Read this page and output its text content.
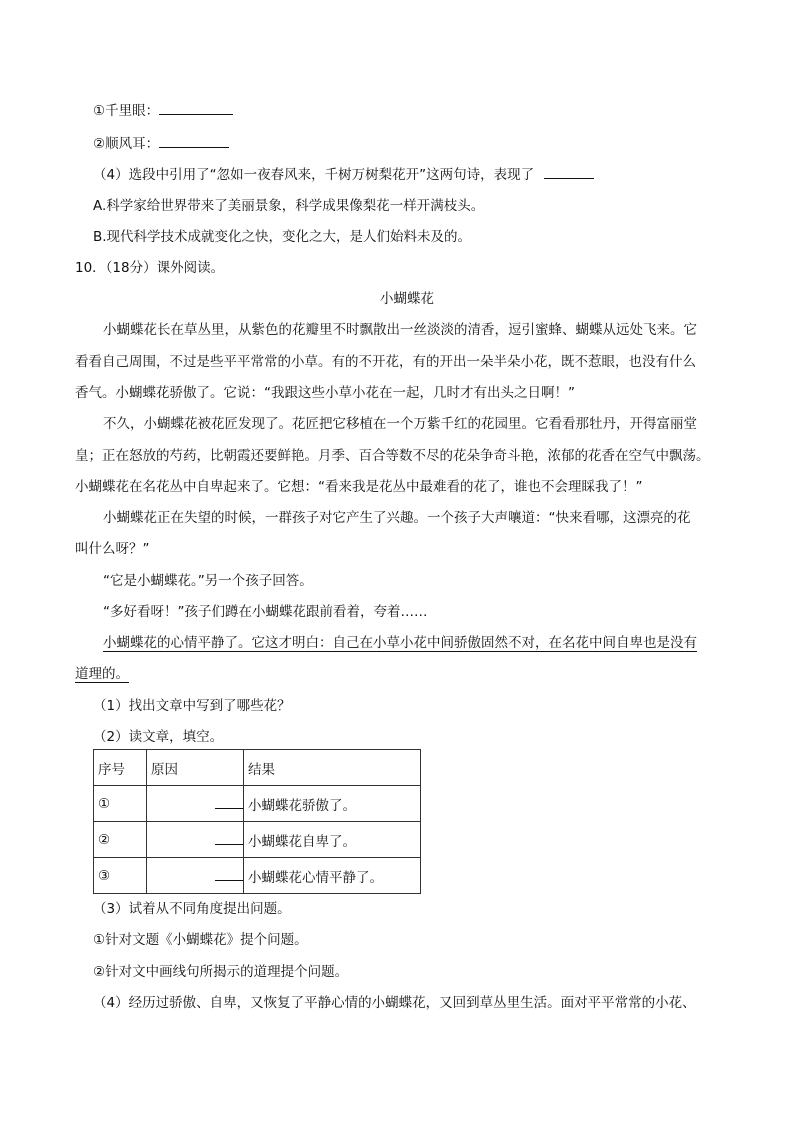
①千里眼：
②顺风耳：
（4）选段中引用了“忽如一夜春风来，千树万树梨花开”这两句诗，表现了
A.科学家给世界带来了美丽景象，科学成果像梨花一样开满枝头。
B.现代科学技术成就变化之快，变化之大，是人们始料未及的。
10．（18分）课外阅读。
小蝴蝶花
小蝴蝶花长在草丛里，从紫色的花瓣里不时飘散出一丝淡淡的清香，逗引蜜蜂、蝴蝶从远处飞来。它
看看自己周围，不过是些平平常常的小草。有的不开花，有的开出一朵半朵小花，既不惹眼，也没有什么
香气。小蝴蝶花骄傲了。它说：“我跟这些小草小花在一起，几时才有出头之日啊！”
不久，小蝴蝶花被花匠发现了。花匠把它移植在一个万紫千红的花园里。它看看那牡丹，开得富丽堂
皇；正在怒放的芍药，比朝霞还要鲜艳。月季、百合等数不尽的花朵争奇斗艳，浓郁的花香在空气中飘荡。
小蝴蝶花在名花丛中自卑起来了。它想：“看来我是花丛中最难看的花了，谁也不会理睬我了！”
小蝴蝶花正在失望的时候，一群孩子对它产生了兴趣。一个孩子大声嚷道：“快来看哪，这漂亮的花
叫什么呀？”
“它是小蝴蝶花。”另一个孩子回答。
“多好看呀！”孩子们蹲在小蝴蝶花跟前看着，夸着……
小蝴蝶花的心情平静了。它这才明白：自己在小草小花中间骄傲固然不对，在名花中间自卑也是没有
道理的。
（1）找出文章中写到了哪些花？
（2）读文章，填空。
序号	原因	结果
①		小蝴蝶花骄傲了。
②		小蝴蝶花自卑了。
③		小蝴蝶花心情平静了。
（3）试着从不同角度提出问题。
①针对文题《小蝴蝶花》提个问题。
②针对文中画线句所揭示的道理提个问题。
（4）经历过骄傲、自卑，又恢复了平静心情的小蝴蝶花，又回到草丛里生活。面对平平常常的小花、
